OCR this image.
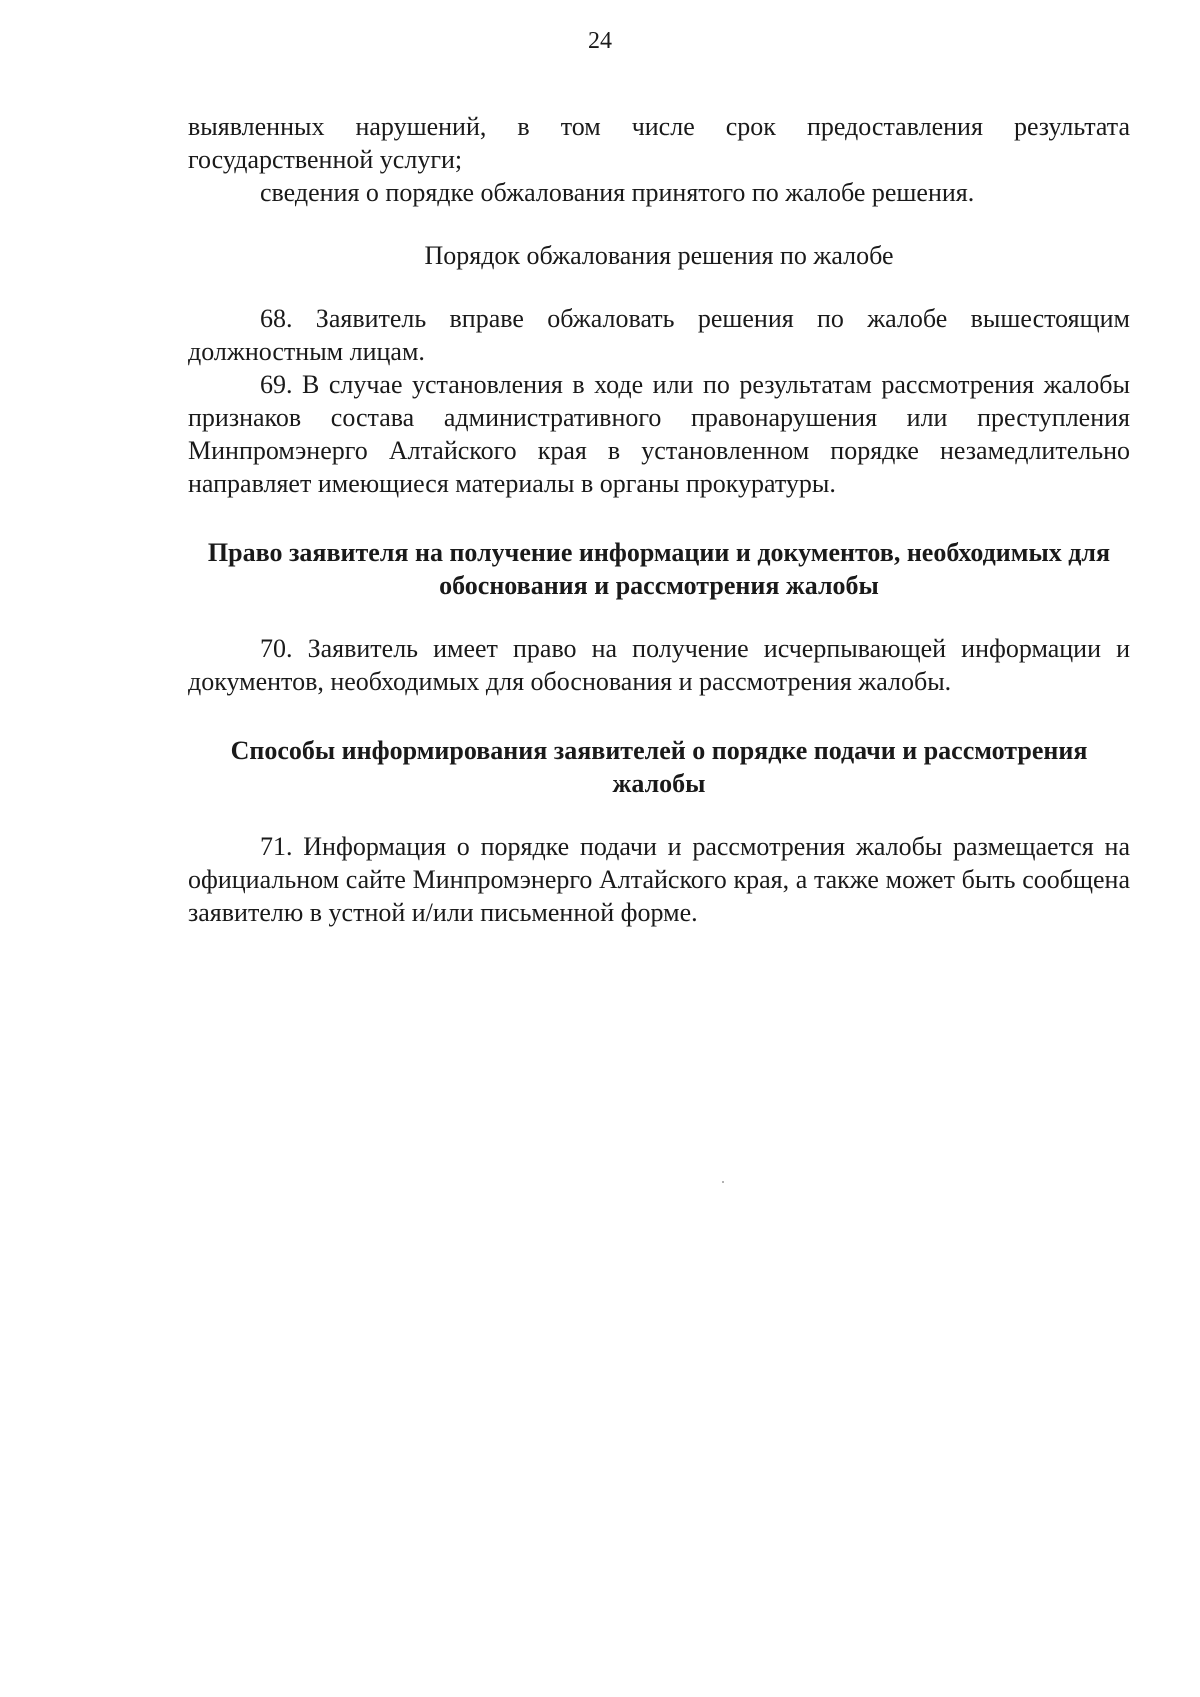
24

выявленных нарушений, в том числе срок предоставления результата государственной услуги;

сведения о порядке обжалования принятого по жалобе решения.

Порядок обжалования решения по жалобе

68. Заявитель вправе обжаловать решения по жалобе вышестоящим должностным лицам.

69. В случае установления в ходе или по результатам рассмотрения жалобы признаков состава административного правонарушения или преступления Минпромэнерго Алтайского края в установленном порядке незамедлительно направляет имеющиеся материалы в органы прокуратуры.

Право заявителя на получение информации и документов, необходимых для обоснования и рассмотрения жалобы

70. Заявитель имеет право на получение исчерпывающей информации и документов, необходимых для обоснования и рассмотрения жалобы.

Способы информирования заявителей о порядке подачи и рассмотрения жалобы

71. Информация о порядке подачи и рассмотрения жалобы размещается на официальном сайте Минпромэнерго Алтайского края, а также может быть сообщена заявителю в устной и/или письменной форме.
